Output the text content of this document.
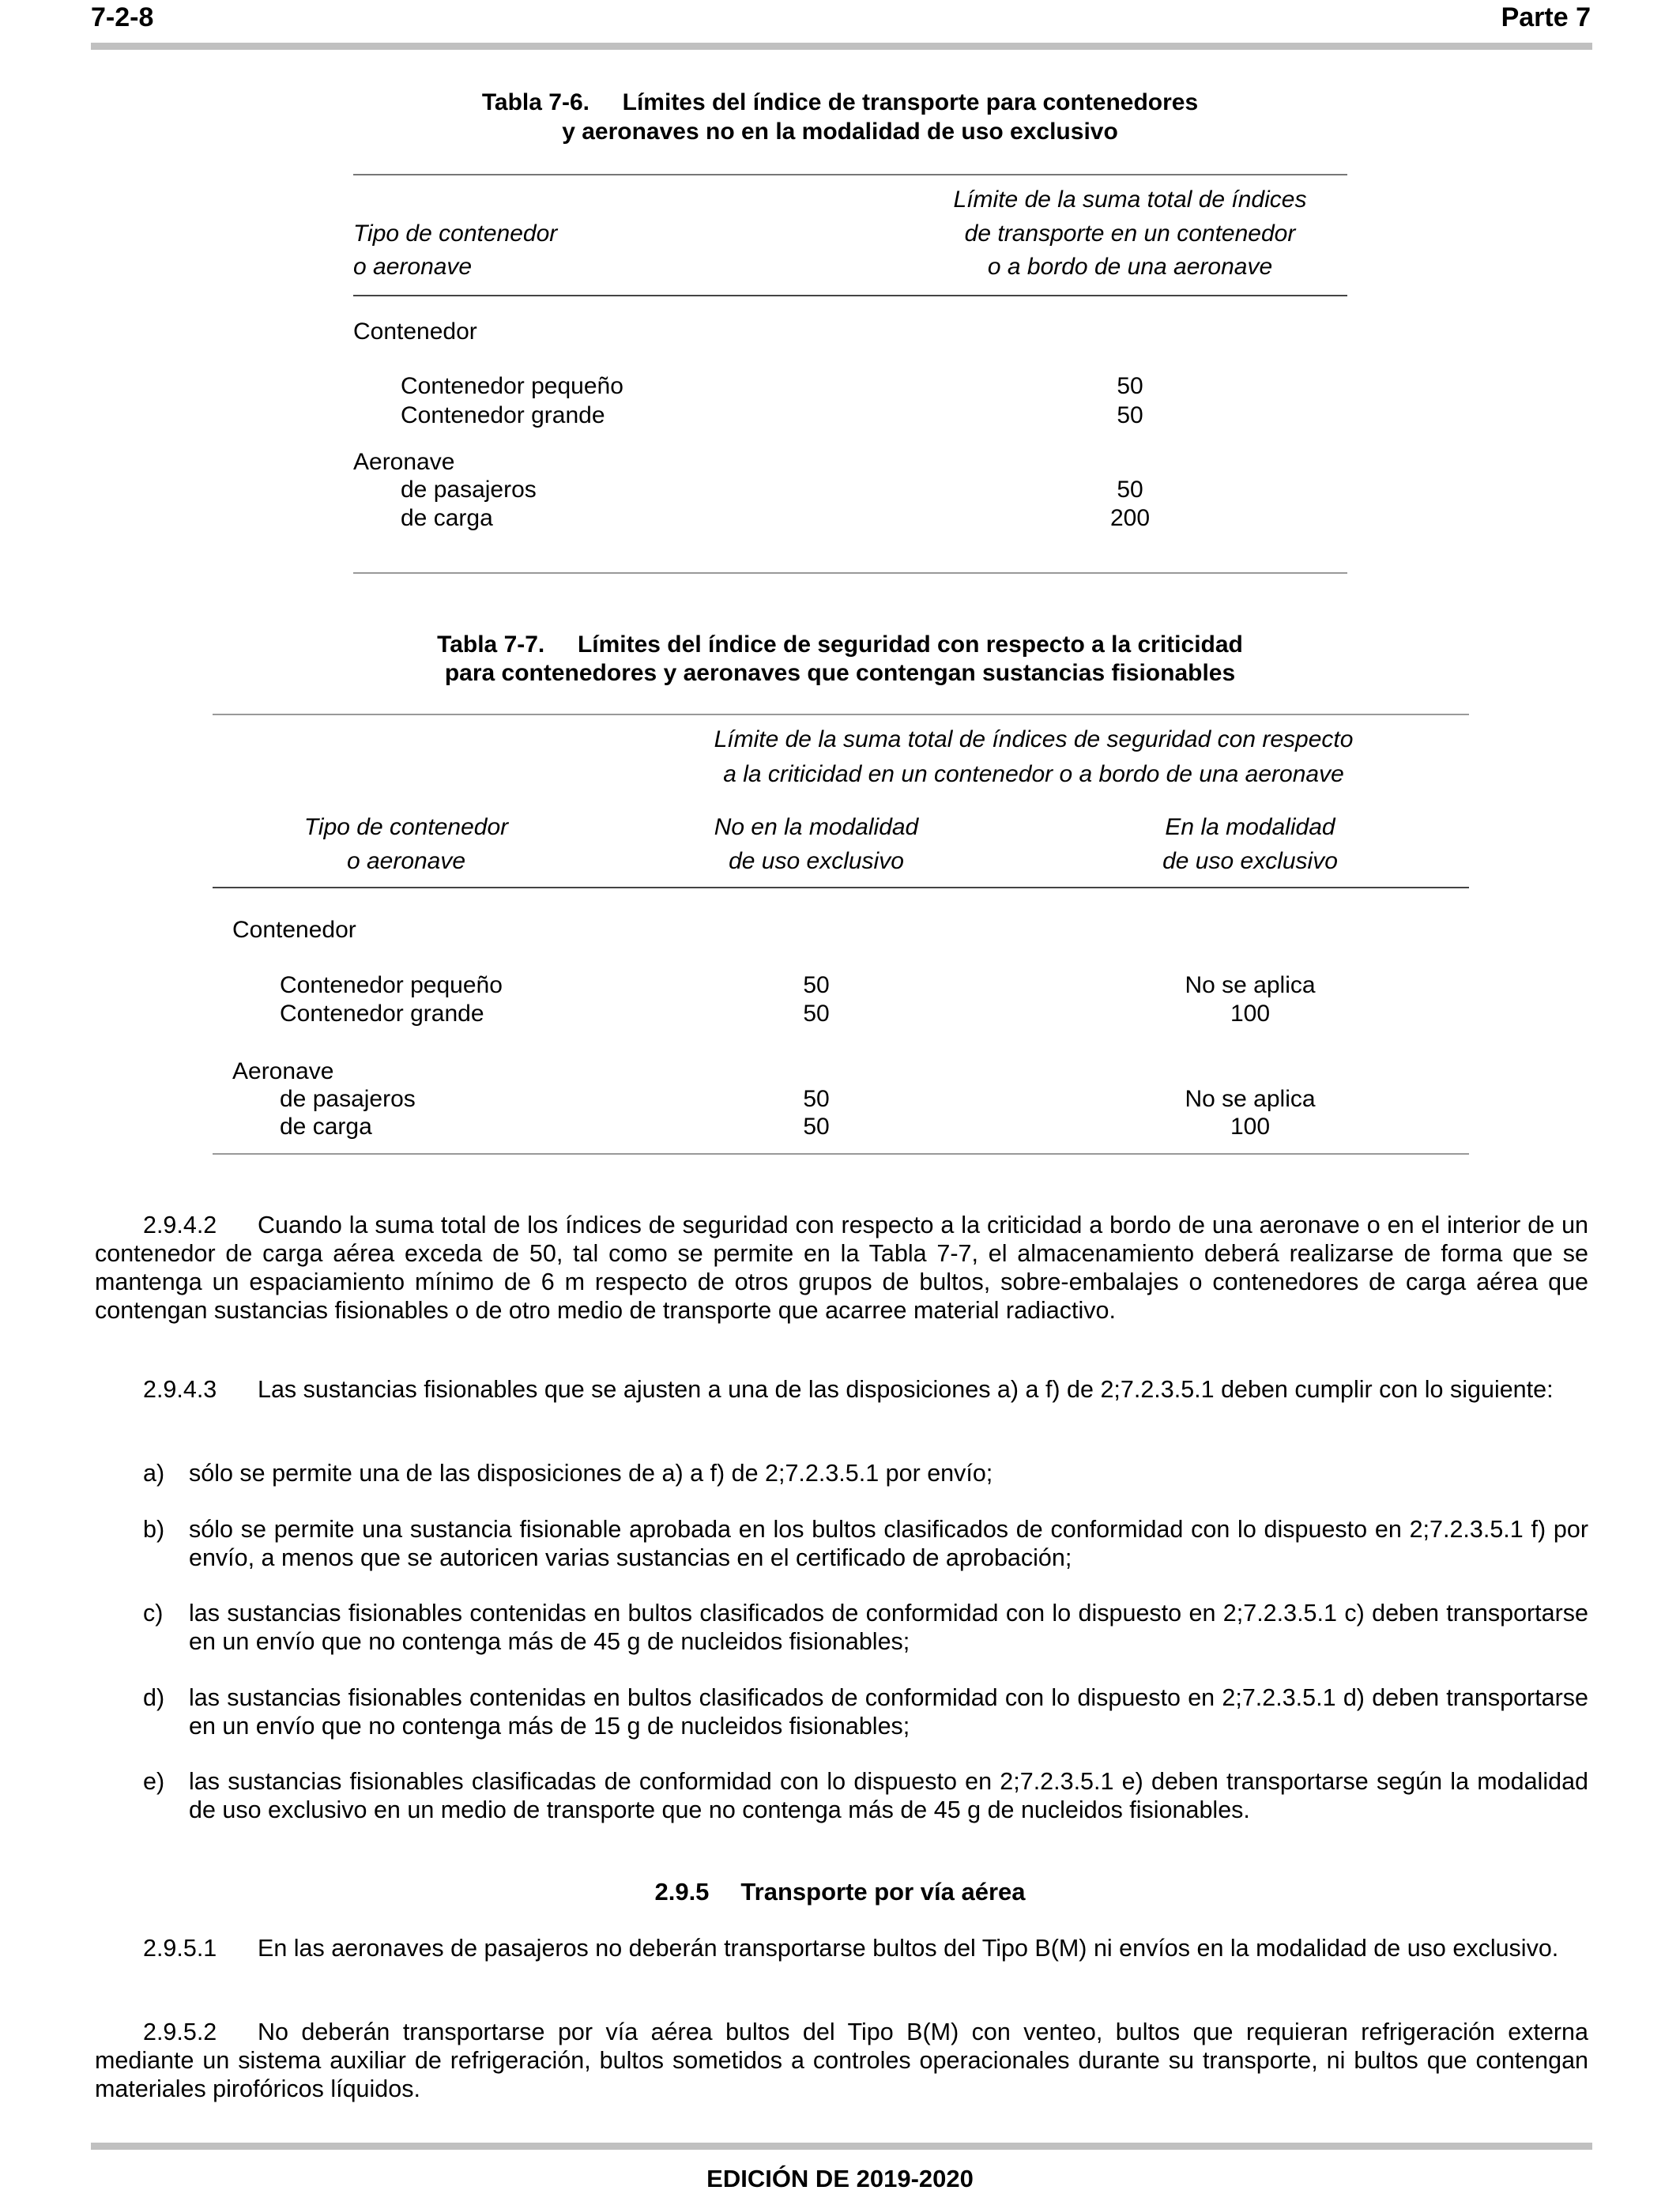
7-2-8	Parte 7
Tabla 7-6.     Límites del índice de transporte para contenedores
y aeronaves no en la modalidad de uso exclusivo
Límite de la suma total de índices
Tipo de contenedor	de transporte en un contenedor
o aeronave	o a bordo de una aeronave
Contenedor
Contenedor pequeño	50
Contenedor grande	50
Aeronave
de pasajeros	50
de carga	200
Tabla 7-7.     Límites del índice de seguridad con respecto a la criticidad
para contenedores y aeronaves que contengan sustancias fisionables
Límite de la suma total de índices de seguridad con respecto
a la criticidad en un contenedor o a bordo de una aeronave
Tipo de contenedor	No en la modalidad	En la modalidad
o aeronave	de uso exclusivo	de uso exclusivo
Contenedor
Contenedor pequeño	50	No se aplica
Contenedor grande	50	100
Aeronave
de pasajeros	50	No se aplica
de carga	50	100
2.9.4.2 Cuando la suma total de los índices de seguridad con respecto a la criticidad a bordo de una aeronave o en el interior de un contenedor de carga aérea exceda de 50, tal como se permite en la Tabla 7-7, el almacenamiento deberá realizarse de forma que se mantenga un espaciamiento mínimo de 6 m respecto de otros grupos de bultos, sobre-embalajes o contenedores de carga aérea que contengan sustancias fisionables o de otro medio de transporte que acarree material radiactivo.
2.9.4.3 Las sustancias fisionables que se ajusten a una de las disposiciones a) a f) de 2;7.2.3.5.1 deben cumplir con lo siguiente:
a) sólo se permite una de las disposiciones de a) a f) de 2;7.2.3.5.1 por envío;
b) sólo se permite una sustancia fisionable aprobada en los bultos clasificados de conformidad con lo dispuesto en 2;7.2.3.5.1 f) por envío, a menos que se autoricen varias sustancias en el certificado de aprobación;
c) las sustancias fisionables contenidas en bultos clasificados de conformidad con lo dispuesto en 2;7.2.3.5.1 c) deben transportarse en un envío que no contenga más de 45 g de nucleidos fisionables;
d) las sustancias fisionables contenidas en bultos clasificados de conformidad con lo dispuesto en 2;7.2.3.5.1 d) deben transportarse en un envío que no contenga más de 15 g de nucleidos fisionables;
e) las sustancias fisionables clasificadas de conformidad con lo dispuesto en 2;7.2.3.5.1 e) deben transportarse según la modalidad de uso exclusivo en un medio de transporte que no contenga más de 45 g de nucleidos fisionables.
2.9.5 Transporte por vía aérea
2.9.5.1 En las aeronaves de pasajeros no deberán transportarse bultos del Tipo B(M) ni envíos en la modalidad de uso exclusivo.
2.9.5.2 No deberán transportarse por vía aérea bultos del Tipo B(M) con venteo, bultos que requieran refrigeración externa mediante un sistema auxiliar de refrigeración, bultos sometidos a controles operacionales durante su transporte, ni bultos que contengan materiales pirofóricos líquidos.
EDICIÓN DE 2019-2020
